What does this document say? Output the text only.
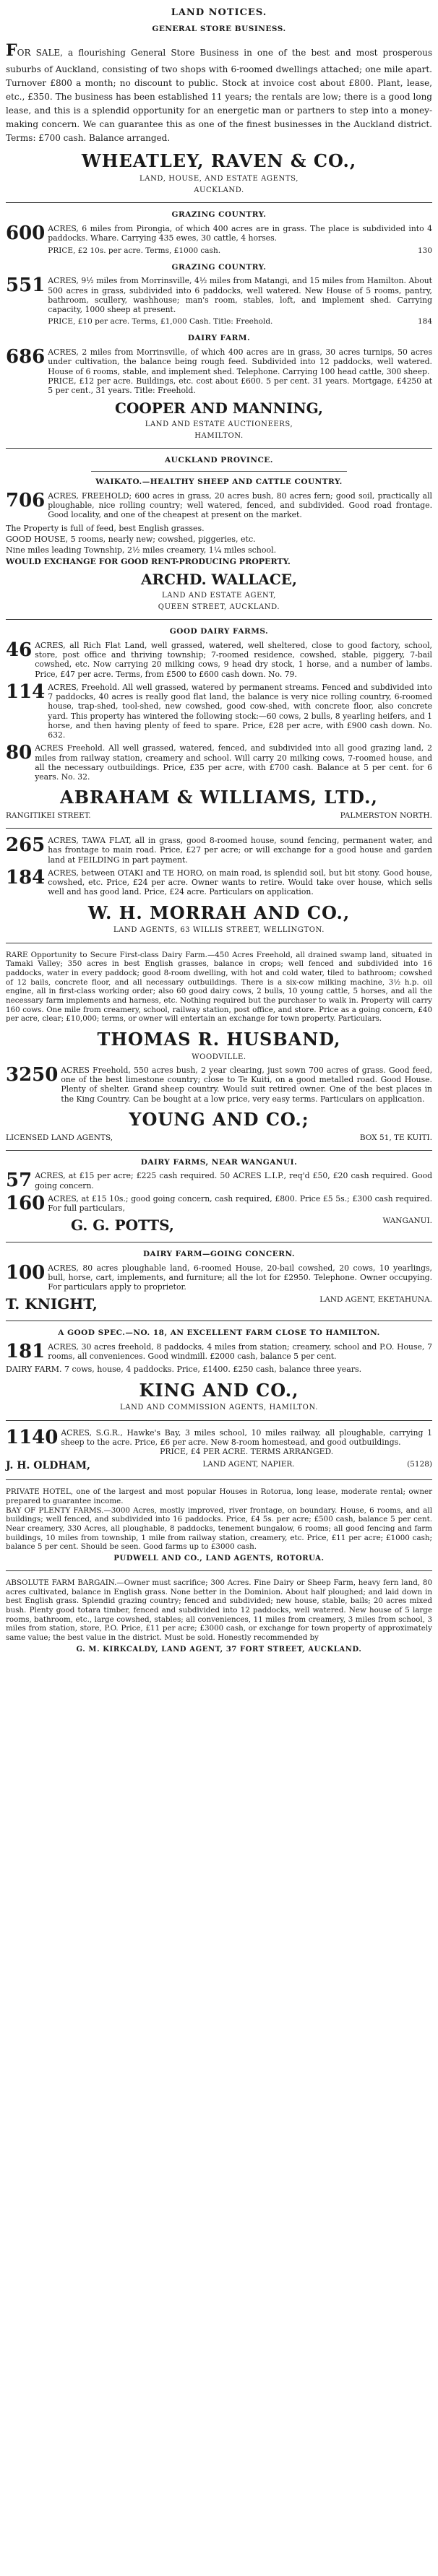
LAND NOTICES.
GENERAL STORE BUSINESS.
FOR SALE, a flourishing General Store Business in one of the best and most prosperous suburbs of Auckland, consisting of two shops with 6-roomed dwellings attached; one mile apart. Turnover £800 a month; no discount to public. Stock at invoice cost about £800. Plant, lease, etc., £350. The business has been established 11 years; the rentals are low; there is a good long lease, and this is a splendid opportunity for an energetic man or partners to step into a money-making concern. We can guarantee this as one of the finest businesses in the Auckland district. Terms: £700 cash. Balance arranged.
WHEATLEY, RAVEN & CO.,
LAND, HOUSE, AND ESTATE AGENTS,
AUCKLAND.
GRAZING COUNTRY.
600 ACRES, 6 miles from Pirongia, of which 400 acres are in grass. The place is subdivided into 4 paddocks. Whare. Carrying 435 ewes, 30 cattle, 4 horses.
PRICE, £2 10s. per acre. Terms, £1000 cash.	130
GRAZING COUNTRY.
551 ACRES, 9½ miles from Morrinsville, 4½ miles from Matangi, and 15 miles from Hamilton. About 500 acres in grass, subdivided into 6 paddocks, well watered. New House of 5 rooms, pantry, bathroom, scullery, washhouse; man's room, stables, loft, and implement shed. Carrying capacity, 1000 sheep at present.
PRICE, £10 per acre. Terms, £1,000 Cash. Title: Freehold.	184
DAIRY FARM.
686 ACRES, 2 miles from Morrinsville, of which 400 acres are in grass, 30 acres turnips, 50 acres under cultivation, the balance being rough feed. Subdivided into 12 paddocks, well watered. House of 6 rooms, stable, and implement shed. Telephone. Carrying 100 head cattle, 300 sheep.
PRICE, £12 per acre. Buildings, etc. cost about £600. 5 per cent. 31 years. Mortgage, £4250 at 5 per cent., 31 years. Title: Freehold.
COOPER AND MANNING,
LAND AND ESTATE AUCTIONEERS,
HAMILTON.
AUCKLAND PROVINCE.
WAIKATO.—HEALTHY SHEEP AND CATTLE COUNTRY.
706 ACRES, FREEHOLD; 600 acres in grass, 20 acres bush, 80 acres fern; good soil, practically all ploughable, nice rolling country; well watered, fenced, and subdivided. Good road frontage. Good locality, and one of the cheapest at present on the market.
The Property is full of feed, best English grasses.
GOOD HOUSE, 5 rooms, nearly new; cowshed, piggeries, etc.
Nine miles leading Township, 2½ miles creamery, 1¼ miles school.
WOULD EXCHANGE FOR GOOD RENT-PRODUCING PROPERTY.
ARCHD. WALLACE,
LAND AND ESTATE AGENT,
QUEEN STREET, AUCKLAND.
GOOD DAIRY FARMS.
46 ACRES, all Rich Flat Land, well grassed, watered, well sheltered, close to good factory, school, store, post office and thriving township; 7-roomed residence, cowshed, stable, piggery, 7-bail cowshed, etc. Now carrying 20 milking cows, 9 head dry stock, 1 horse, and a number of lambs. Price, £47 per acre. Terms, from £500 to £600 cash down. No. 79.
114 ACRES, Freehold. All well grassed, watered by permanent streams. Fenced and subdivided into 7 paddocks, 40 acres is really good flat land, the balance is very nice rolling country, 6-roomed house, trap-shed, tool-shed, new cowshed, good cow-shed, with concrete floor, also concrete yard. This property has wintered the following stock:—60 cows, 2 bulls, 8 yearling heifers, and 1 horse, and then having plenty of feed to spare. Price, £28 per acre, with £900 cash down. No. 632.
80 ACRES Freehold. All well grassed, watered, fenced, and subdivided into all good grazing land, 2 miles from railway station, creamery and school. Will carry 20 milking cows, 7-roomed house, and all the necessary outbuildings. Price, £35 per acre, with £700 cash. Balance at 5 per cent. for 6 years. No. 32.
ABRAHAM & WILLIAMS, LTD.,
RANGITIKEI STREET.	PALMERSTON NORTH.
265 ACRES, TAWA FLAT, all in grass, good 8-roomed house, sound fencing, permanent water, and has frontage to main road. Price, £27 per acre; or will exchange for a good house and garden land at FEILDING in part payment.
184 ACRES, between OTAKI and TE HORO, on main road, is splendid soil, but bit stony. Good house, cowshed, etc. Price, £24 per acre. Owner wants to retire. Would take over house, which sells well and has good land. Price, £24 acre. Particulars on application.
W. H. MORRAH AND CO.,
LAND AGENTS, 63 WILLIS STREET, WELLINGTON.
RARE Opportunity to Secure First-class Dairy Farm.—450 Acres Freehold, all drained swamp land, situated in Tamaki Valley; 350 acres in best English grasses, balance in crops; well fenced and subdivided into 16 paddocks, water in every paddock; good 8-room dwelling, with hot and cold water, tiled to bathroom; cowshed of 12 bails, concrete floor, and all necessary outbuildings. There is a six-cow milking machine, 3½ h.p. oil engine, all in first-class working order; also 60 good dairy cows, 2 bulls, 10 young cattle, 5 horses, and all the necessary farm implements and harness, etc. Nothing required but the purchaser to walk in. Property will carry 160 cows. One mile from creamery, school, railway station, post office, and store. Price as a going concern, £40 per acre, clear; £10,000; terms, or owner will entertain an exchange for town property. Particulars.
THOMAS R. HUSBAND,
WOODVILLE.
3250 ACRES Freehold, 550 acres bush, 2 year clearing, just sown 700 acres of grass. Good feed, one of the best limestone country; close to Te Kuiti, on a good metalled road. Good House. Plenty of shelter. Grand sheep country. Would suit retired owner. One of the best places in the King Country. Can be bought at a low price, very easy terms. Particulars on application.
YOUNG AND CO.;
LICENSED LAND AGENTS,	BOX 51, TE KUITI.
DAIRY FARMS, NEAR WANGANUI.
57 ACRES, at £15 per acre; £225 cash required. 50 ACRES L.I.P., req'd £50, £20 cash required. Good going concern.
160 ACRES, at £15 10s.; good going concern, cash required, £800. Price £5 5s.; £300 cash required. For full particulars,
G. G. POTTS,	WANGANUI.
DAIRY FARM—GOING CONCERN.
100 ACRES, 80 acres ploughable land, 6-roomed House, 20-bail cowshed, 20 cows, 10 yearlings, bull, horse, cart, implements, and furniture; all the lot for £2950. Telephone. Owner occupying. For particulars apply to proprietor.
T. KNIGHT,	LAND AGENT, EKETAHUNA.
A GOOD SPEC.—NO. 18, AN EXCELLENT FARM CLOSE TO HAMILTON.
181 ACRES, 30 acres freehold, 8 paddocks, 4 miles from station; creamery, school and P.O. House, 7 rooms, all conveniences. Good windmill. £2000 cash, balance 5 per cent.
DAIRY FARM. 7 cows, house, 4 paddocks. Price, £1400. £250 cash, balance three years.
KING AND CO.,
LAND AND COMMISSION AGENTS, HAMILTON.
1140 ACRES, S.G.R., Hawke's Bay, 3 miles school, 10 miles railway, all ploughable, carrying 1 sheep to the acre. Price, £6 per acre. New 8-room homestead, and good outbuildings.
PRICE, £4 PER ACRE. TERMS ARRANGED.
J. H. OLDHAM,	LAND AGENT, NAPIER.	(5128)
PRIVATE HOTEL, one of the largest and most popular Houses in Rotorua, long lease, moderate rental; owner prepared to guarantee income.
BAY OF PLENTY FARMS.—3000 Acres, mostly improved, river frontage, on boundary. House, 6 rooms, and all buildings; well fenced, and subdivided into 16 paddocks. Price, £4 5s. per acre; £500 cash, balance 5 per cent. Near creamery, 330 Acres, all ploughable, 8 paddocks, tenement bungalow, 6 rooms; all good fencing and farm buildings, 10 miles from township, 1 mile from railway station, creamery, etc. Price, £11 per acre; £1000 cash; balance 5 per cent. Should be seen. Good farms up to £3000 cash.
PUDWELL AND CO., LAND AGENTS, ROTORUA.
ABSOLUTE FARM BARGAIN.—Owner must sacrifice; 300 Acres. Fine Dairy or Sheep Farm, heavy fern land, 80 acres cultivated, balance in English grass. None better in the Dominion. About half ploughed; and laid down in best English grass. Splendid grazing country; fenced and subdivided; new house, stable, bails; 20 acres mixed bush. Plenty good totara timber, fenced and subdivided into 12 paddocks, well watered. New house of 5 large rooms, bathroom, etc., large cowshed, stables; all conveniences, 11 miles from creamery, 3 miles from school, 3 miles from station, store, P.O. Price, £11 per acre; £3000 cash, or exchange for town property of approximately same value; the best value in the district. Must be sold. Honestly recommended by
G. M. KIRKCALDY, LAND AGENT, 37 FORT STREET, AUCKLAND.
